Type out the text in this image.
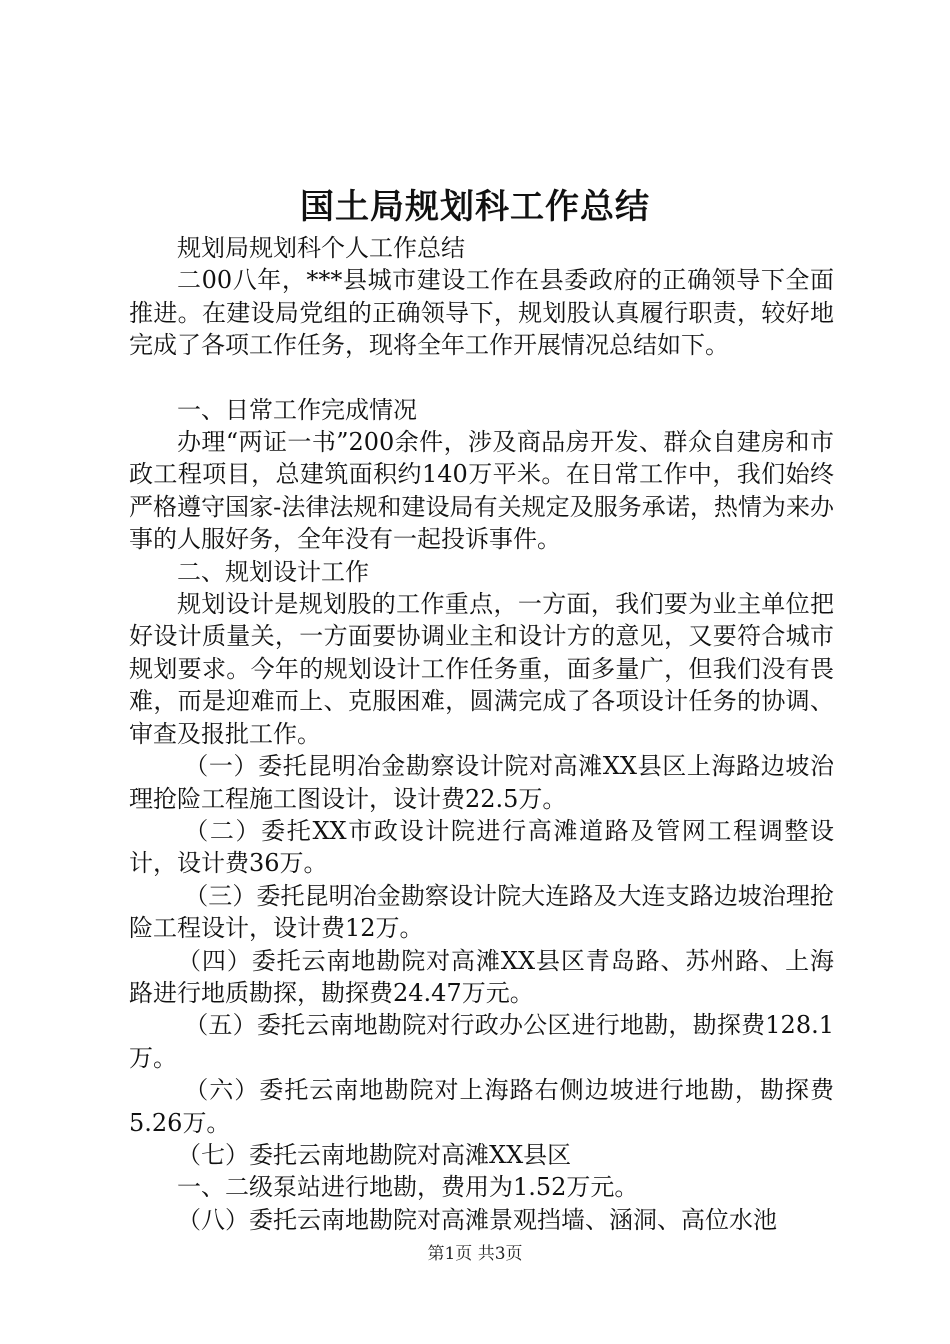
国土局规划科工作总结

规划局规划科个人工作总结

二00八年，***县城市建设工作在县委政府的正确领导下全面推进。在建设局党组的正确领导下，规划股认真履行职责，较好地完成了各项工作任务，现将全年工作开展情况总结如下。

一、日常工作完成情况

办理“两证一书”200余件，涉及商品房开发、群众自建房和市政工程项目，总建筑面积约140万平米。在日常工作中，我们始终严格遵守国家-法律法规和建设局有关规定及服务承诺，热情为来办事的人服好务，全年没有一起投诉事件。

二、规划设计工作

规划设计是规划股的工作重点，一方面，我们要为业主单位把好设计质量关，一方面要协调业主和设计方的意见，又要符合城市规划要求。今年的规划设计工作任务重，面多量广，但我们没有畏难，而是迎难而上、克服困难，圆满完成了各项设计任务的协调、审查及报批工作。

（一）委托昆明冶金勘察设计院对高滩XX县区上海路边坡治理抢险工程施工图设计，设计费22.5万。

（二）委托XX市政设计院进行高滩道路及管网工程调整设计，设计费36万。

（三）委托昆明冶金勘察设计院大连路及大连支路边坡治理抢险工程设计，设计费12万。

（四）委托云南地勘院对高滩XX县区青岛路、苏州路、上海路进行地质勘探，勘探费24.47万元。

（五）委托云南地勘院对行政办公区进行地勘，勘探费128.1万。

（六）委托云南地勘院对上海路右侧边坡进行地勘，勘探费5.26万。

（七）委托云南地勘院对高滩XX县区

一、二级泵站进行地勘，费用为1.52万元。

（八）委托云南地勘院对高滩景观挡墙、涵洞、高位水池

第1页 共3页
